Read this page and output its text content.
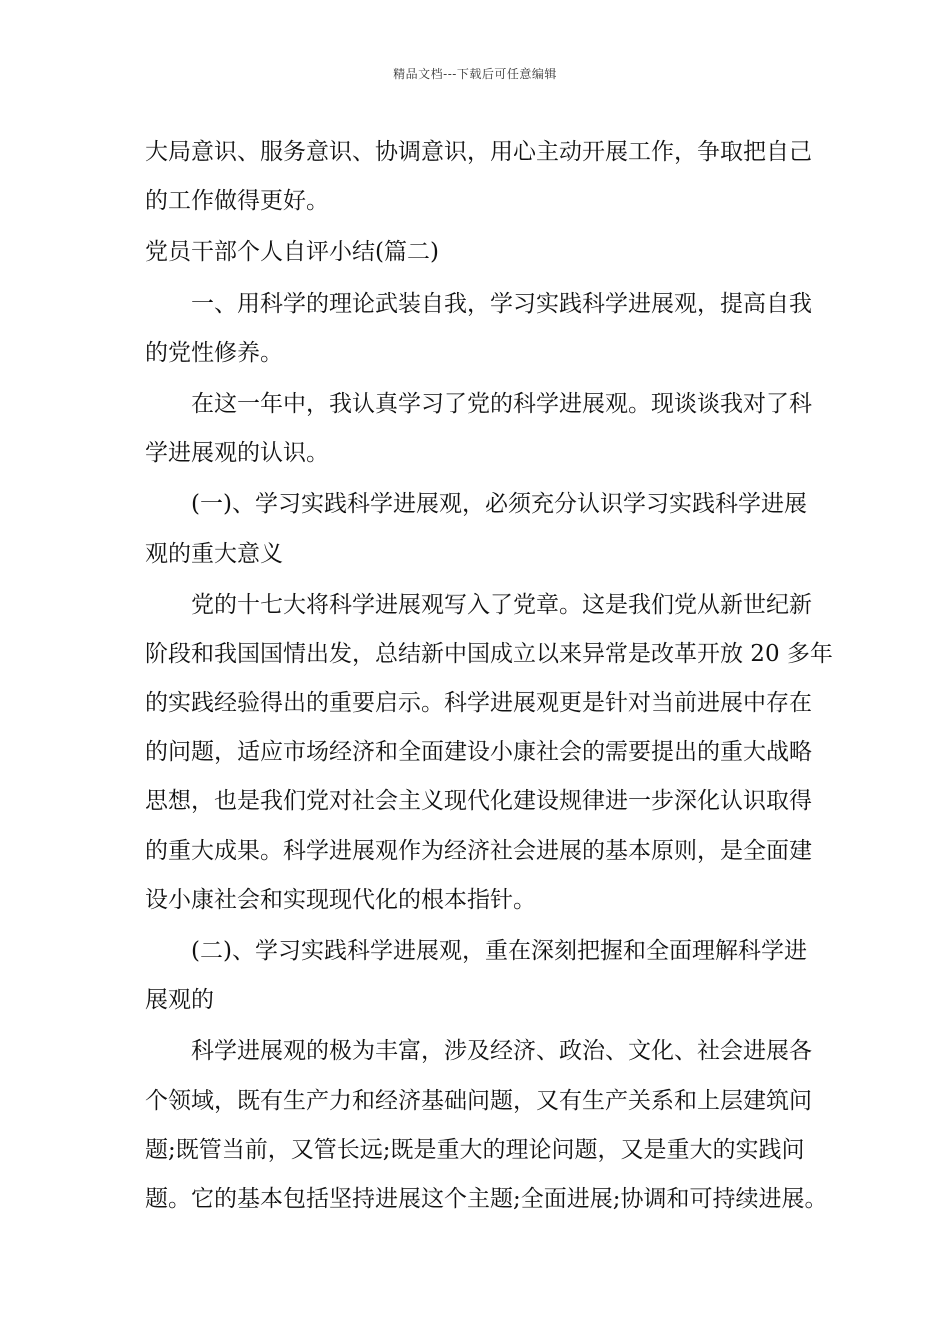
精品文档---下载后可任意编辑
大局意识、服务意识、协调意识，用心主动开展工作，争取把自己
的工作做得更好。
党员干部个人自评小结(篇二)
一、用科学的理论武装自我，学习实践科学进展观，提高自我
的党性修养。
在这一年中，我认真学习了党的科学进展观。现谈谈我对了科
学进展观的认识。
(一)、学习实践科学进展观，必须充分认识学习实践科学进展
观的重大意义
党的十七大将科学进展观写入了党章。这是我们党从新世纪新
阶段和我国国情出发，总结新中国成立以来异常是改革开放 20 多年
的实践经验得出的重要启示。科学进展观更是针对当前进展中存在
的问题，适应市场经济和全面建设小康社会的需要提出的重大战略
思想，也是我们党对社会主义现代化建设规律进一步深化认识取得
的重大成果。科学进展观作为经济社会进展的基本原则，是全面建
设小康社会和实现现代化的根本指针。
(二)、学习实践科学进展观，重在深刻把握和全面理解科学进
展观的
科学进展观的极为丰富，涉及经济、政治、文化、社会进展各
个领域，既有生产力和经济基础问题，又有生产关系和上层建筑问
题;既管当前，又管长远;既是重大的理论问题，又是重大的实践问
题。它的基本包括坚持进展这个主题;全面进展;协调和可持续进展。
